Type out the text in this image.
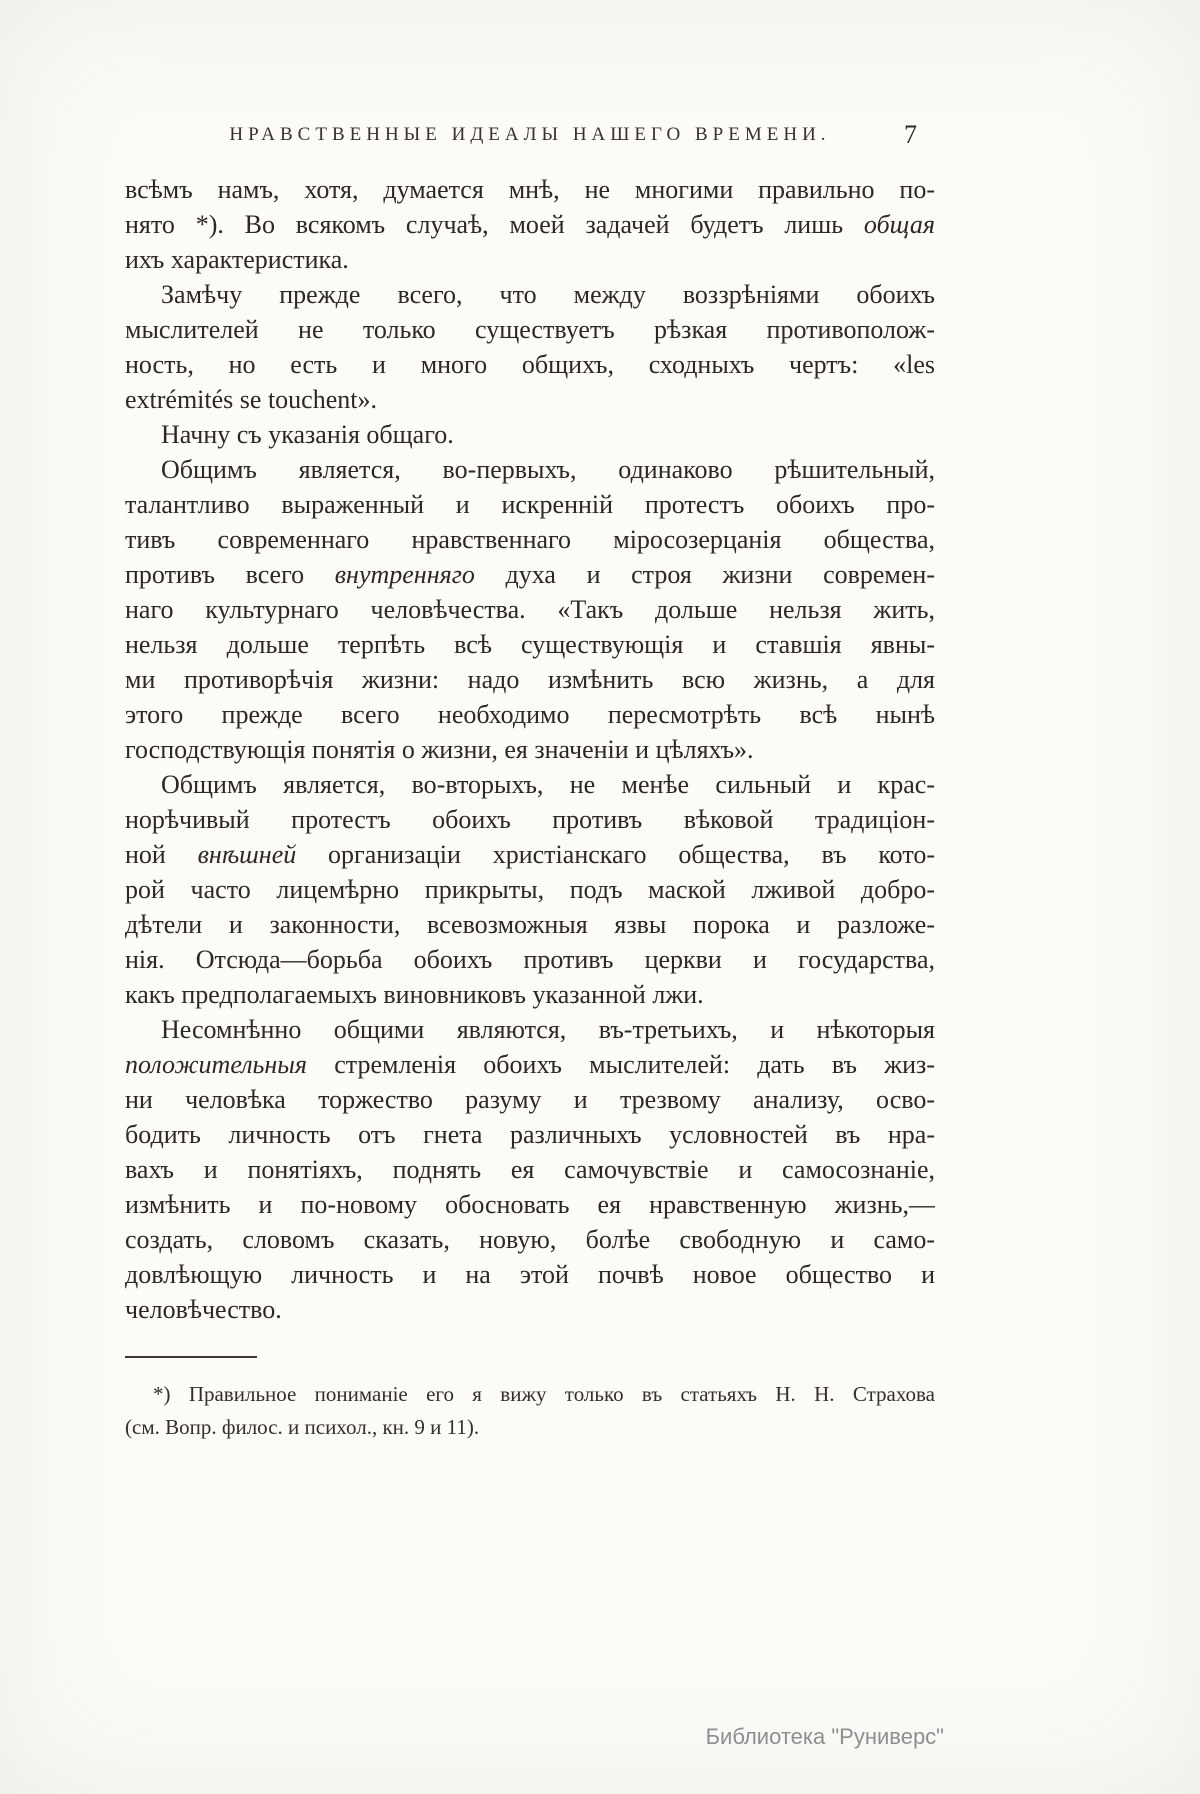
НРАВСТВЕННЫЕ ИДЕАЛЫ НАШЕГО ВРЕМЕНИ.	7

всѣмъ намъ, хотя, думается мнѣ, не многими правильно по-
нято *). Во всякомъ случаѣ, моей задачей будетъ лишь общая
ихъ характеристика.

Замѣчу прежде всего, что между воззрѣніями обоихъ
мыслителей не только существуетъ рѣзкая противополож-
ность, но есть и много общихъ, сходныхъ чертъ: «les
extrémités se touchent».

Начну съ указанія общаго.

Общимъ является, во-первыхъ, одинаково рѣшительный,
талантливо выраженный и искренній протестъ обоихъ про-
тивъ современнаго нравственнаго міросозерцанія общества,
противъ всего внутренняго духа и строя жизни современ-
наго культурнаго человѣчества. «Такъ дольше нельзя жить,
нельзя дольше терпѣть всѣ существующія и ставшія явны-
ми противорѣчія жизни: надо измѣнить всю жизнь, а для
этого прежде всего необходимо пересмотрѣть всѣ нынѣ
господствующія понятія о жизни, ея значеніи и цѣляхъ».

Общимъ является, во-вторыхъ, не менѣе сильный и крас-
норѣчивый протестъ обоихъ противъ вѣковой традиціон-
ной внѣшней организаціи христіанскаго общества, въ кото-
рой часто лицемѣрно прикрыты, подъ маской лживой добро-
дѣтели и законности, всевозможныя язвы порока и разложе-
нія. Отсюда—борьба обоихъ противъ церкви и государства,
какъ предполагаемыхъ виновниковъ указанной лжи.

Несомнѣнно общими являются, въ-третьихъ, и нѣкоторыя
положительныя стремленія обоихъ мыслителей: дать въ жиз-
ни человѣка торжество разуму и трезвому анализу, осво-
бодить личность отъ гнета различныхъ условностей въ нра-
вахъ и понятіяхъ, поднять ея самочувствіе и самосознаніе,
измѣнить и по-новому обосновать ея нравственную жизнь,—
создать, словомъ сказать, новую, болѣе свободную и само-
довлѣющую личность и на этой почвѣ новое общество и
человѣчество.

*) Правильное пониманіе его я вижу только въ статьяхъ Н. Н. Страхова
(см. Вопр. филос. и психол., кн. 9 и 11).
Библиотека "Руниверс"
